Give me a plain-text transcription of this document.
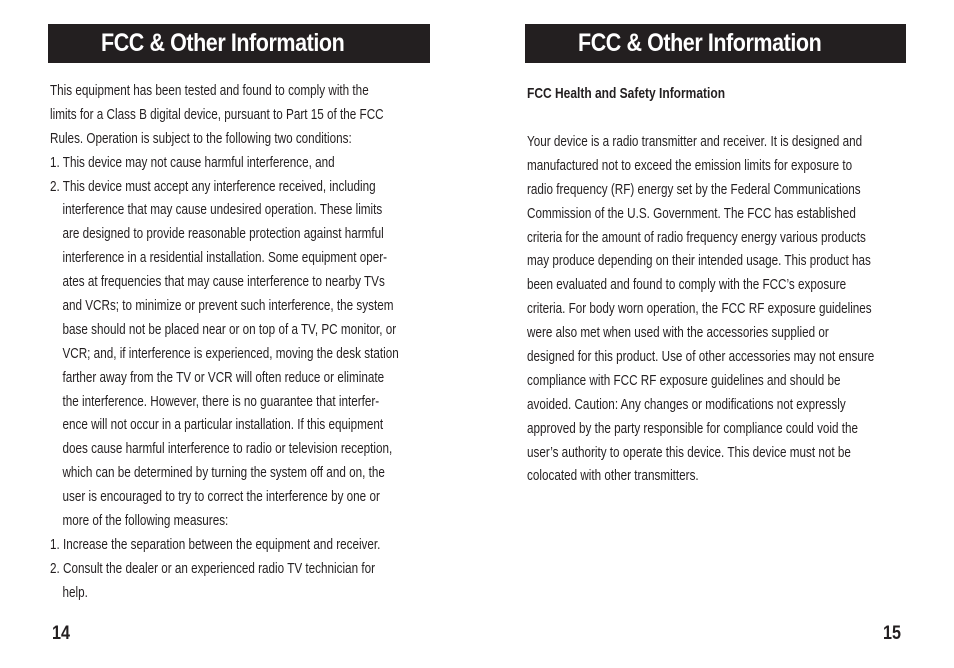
FCC & Other Information
This equipment has been tested and found to comply with the
limits for a Class B digital device, pursuant to Part 15 of the FCC
Rules. Operation is subject to the following two conditions:
1. This device may not cause harmful interference, and
2. This device must accept any interference received, including
interference that may cause undesired operation. These limits
are designed to provide reasonable protection against harmful
interference in a residential installation. Some equipment oper-
ates at frequencies that may cause interference to nearby TVs
and VCRs; to minimize or prevent such interference, the system
base should not be placed near or on top of a TV, PC monitor, or
VCR; and, if interference is experienced, moving the desk station
farther away from the TV or VCR will often reduce or eliminate
the interference. However, there is no guarantee that interfer-
ence will not occur in a particular installation. If this equipment
does cause harmful interference to radio or television reception,
which can be determined by turning the system off and on, the
user is encouraged to try to correct the interference by one or
more of the following measures:
1. Increase the separation between the equipment and receiver.
2. Consult the dealer or an experienced radio TV technician for
help.
14
FCC & Other Information
FCC Health and Safety Information
Your device is a radio transmitter and receiver. It is designed and
manufactured not to exceed the emission limits for exposure to
radio frequency (RF) energy set by the Federal Communications
Commission of the U.S. Government. The FCC has established
criteria for the amount of radio frequency energy various products
may produce depending on their intended usage. This product has
been evaluated and found to comply with the FCC’s exposure
criteria. For body worn operation, the FCC RF exposure guidelines
were also met when used with the accessories supplied or
designed for this product. Use of other accessories may not ensure
compliance with FCC RF exposure guidelines and should be
avoided. Caution: Any changes or modifications not expressly
approved by the party responsible for compliance could void the
user’s authority to operate this device. This device must not be
colocated with other transmitters.
15
